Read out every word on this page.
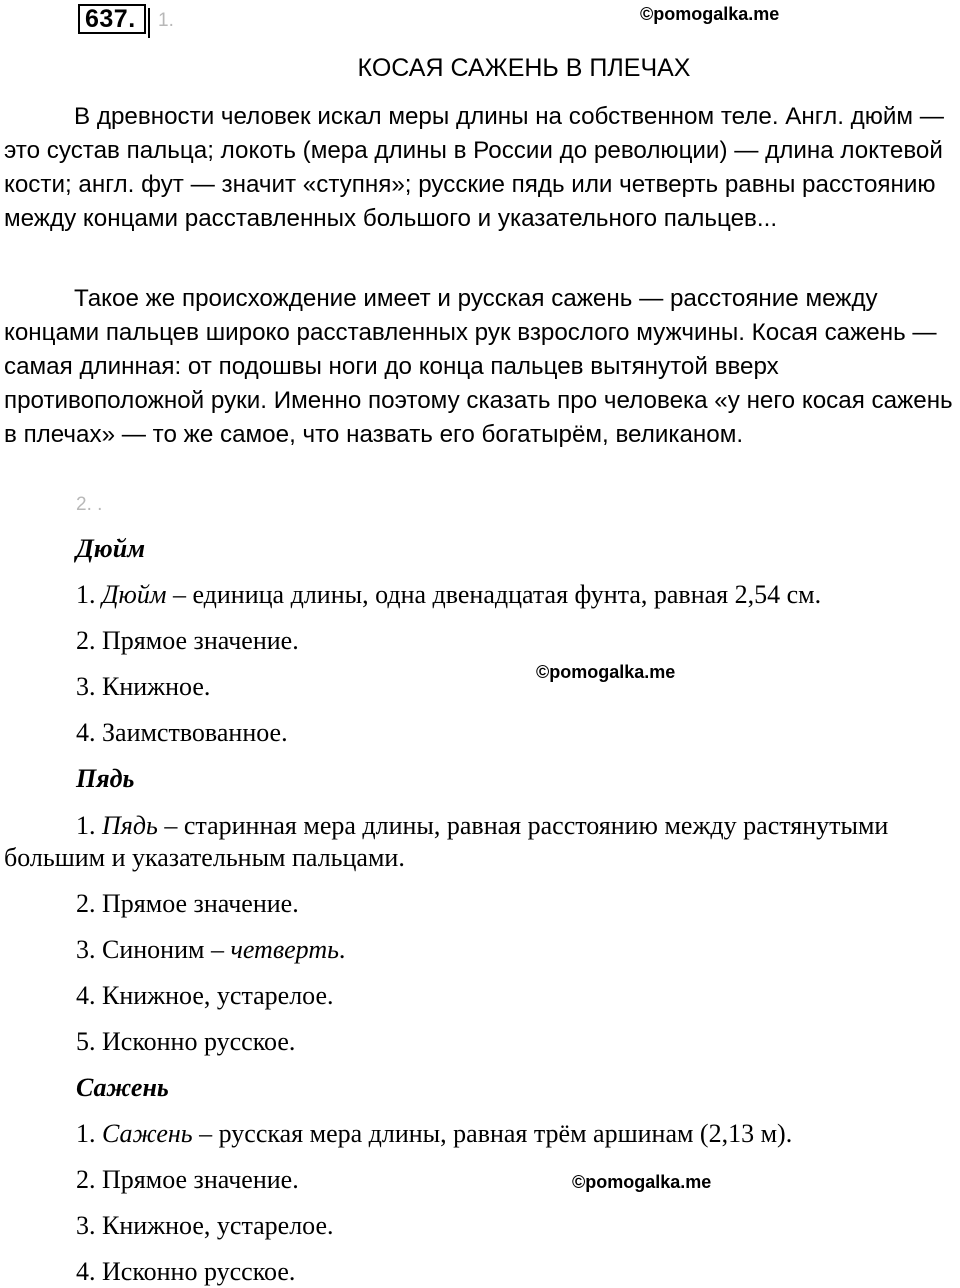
637.	1.	©pomogalka.me
КОСАЯ САЖЕНЬ В ПЛЕЧАХ
В древности человек искал меры длины на собственном теле. Англ. дюйм — это сустав пальца; локоть (мера длины в России до революции) — длина локтевой кости; англ. фут — значит «ступня»; русские пядь или четверть равны расстоянию между концами расставленных большого и указательного пальцев...
Такое же происхождение имеет и русская сажень — расстояние между концами пальцев широко расставленных рук взрослого мужчины. Косая сажень — самая длинная: от подошвы ноги до конца пальцев вытянутой вверх противоположной руки. Именно поэтому сказать про человека «у него косая сажень в плечах» — то же самое, что назвать его богатырём, великаном.
2. .
Дюйм
1. Дюйм – единица длины, одна двенадцатая фунта, равная 2,54 см.
2. Прямое значение.
3. Книжное.	©pomogalka.me
4. Заимствованное.
Пядь
1. Пядь – старинная мера длины, равная расстоянию между растянутыми большим и указательным пальцами.
2. Прямое значение.
3. Синоним – четверть.
4. Книжное, устарелое.
5. Исконно русское.
Сажень
1. Сажень – русская мера длины, равная трём аршинам (2,13 м).
2. Прямое значение.	©pomogalka.me
3. Книжное, устарелое.
4. Исконно русское.
